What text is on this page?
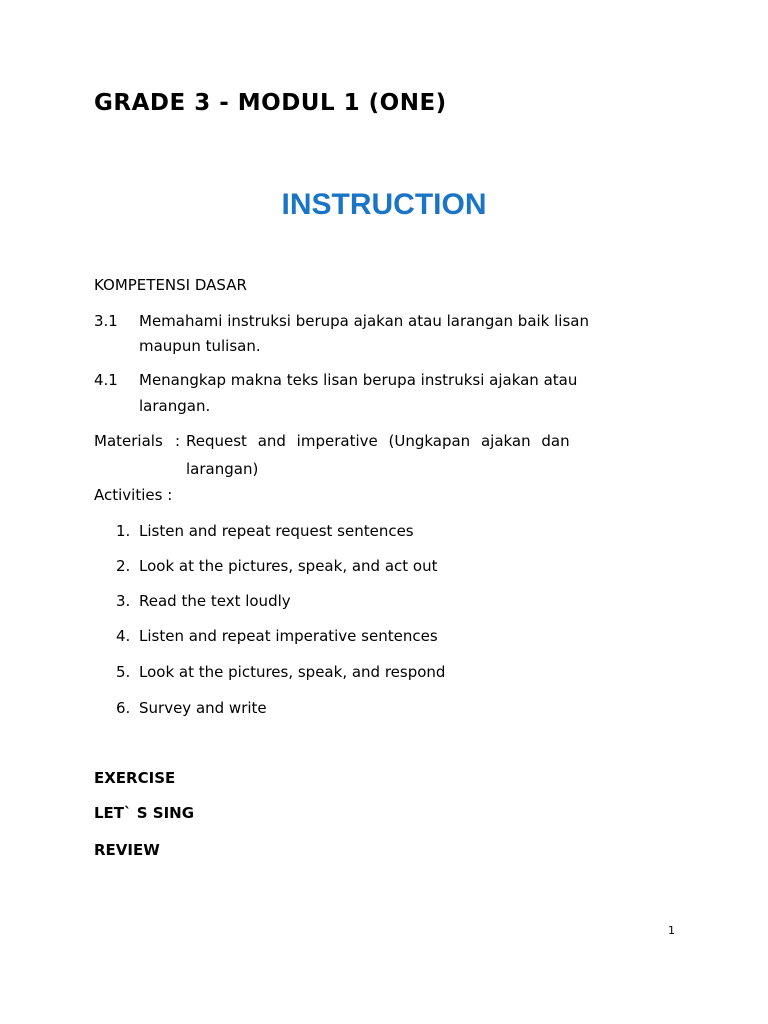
GRADE 3 - MODUL 1 (ONE)
INSTRUCTION
KOMPETENSI DASAR
3.1 Memahami instruksi berupa ajakan atau larangan baik lisan
maupun tulisan.
4.1 Menangkap makna teks lisan berupa instruksi ajakan atau
larangan.
Materials : Request and imperative (Ungkapan ajakan dan
larangan)
Activities :
1. Listen and repeat request sentences
2. Look at the pictures, speak, and act out
3. Read the text loudly
4. Listen and repeat imperative sentences
5. Look at the pictures, speak, and respond
6. Survey and write
EXERCISE
LET` S SING
REVIEW
1
